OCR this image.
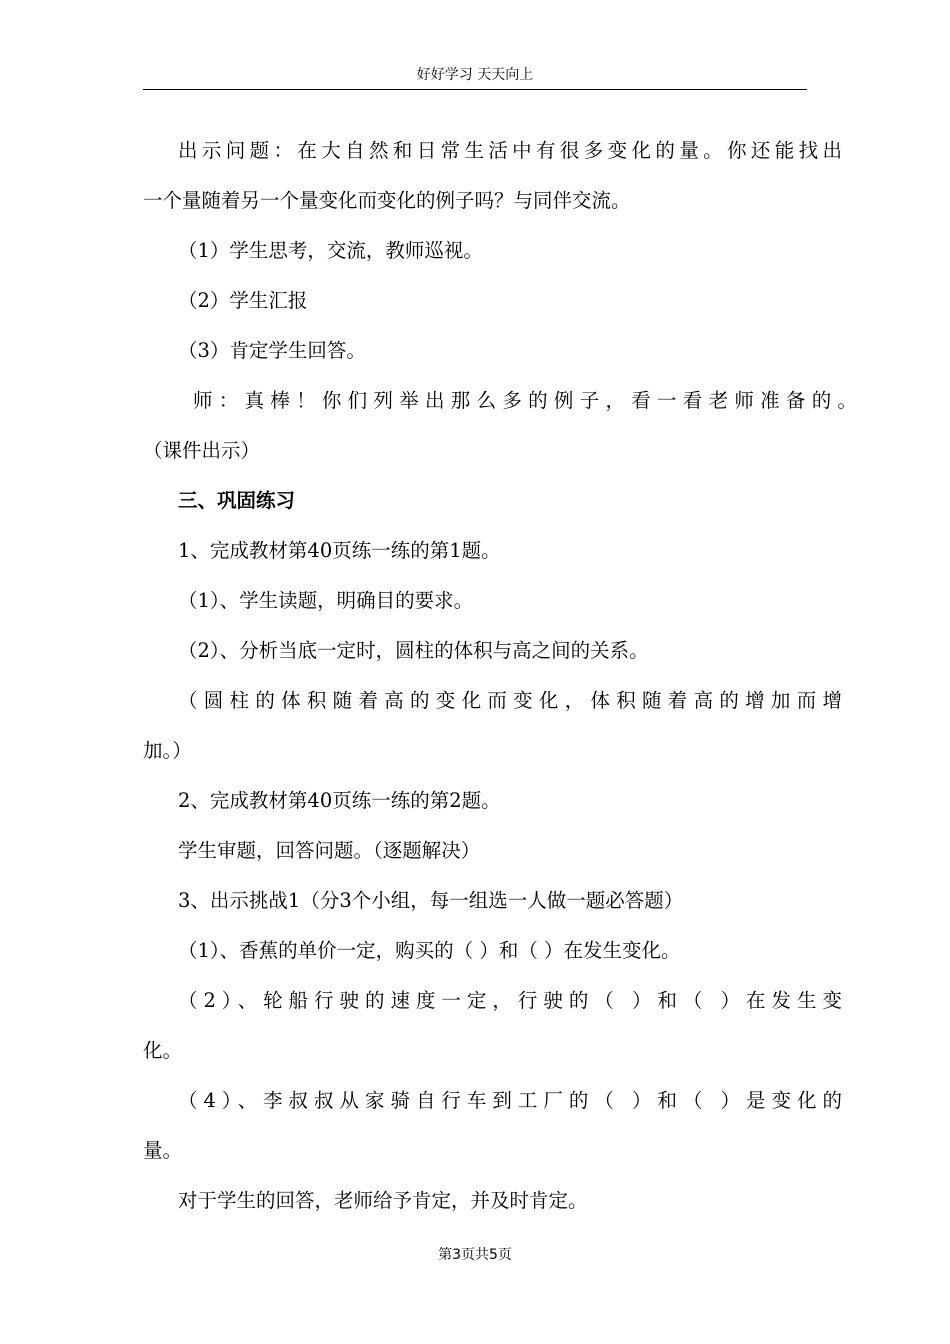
好好学习 天天向上
出示问题：在大自然和日常生活中有很多变化的量。你还能找出
一个量随着另一个量变化而变化的例子吗？与同伴交流。
（1）学生思考，交流，教师巡视。
（2）学生汇报
（3）肯定学生回答。
师：真棒！你们列举出那么多的例子，看一看老师准备的。
（课件出示）
三、巩固练习
1、完成教材第40页练一练的第1题。
（1）、学生读题，明确目的要求。
（2）、分析当底一定时，圆柱的体积与高之间的关系。
（圆柱的体积随着高的变化而变化，体积随着高的增加而增
加。）
2、完成教材第40页练一练的第2题。
学生审题，回答问题。（逐题解决）
3、出示挑战1（分3个小组，每一组选一人做一题必答题）
（1）、香蕉的单价一定，购买的（ ）和（ ）在发生变化。
（2）、轮船行驶的速度一定，行驶的（ ）和（ ）在发生变
化。
（4）、李叔叔从家骑自行车到工厂的（ ）和（ ）是变化的
量。
对于学生的回答，老师给予肯定，并及时肯定。
第3页共5页
